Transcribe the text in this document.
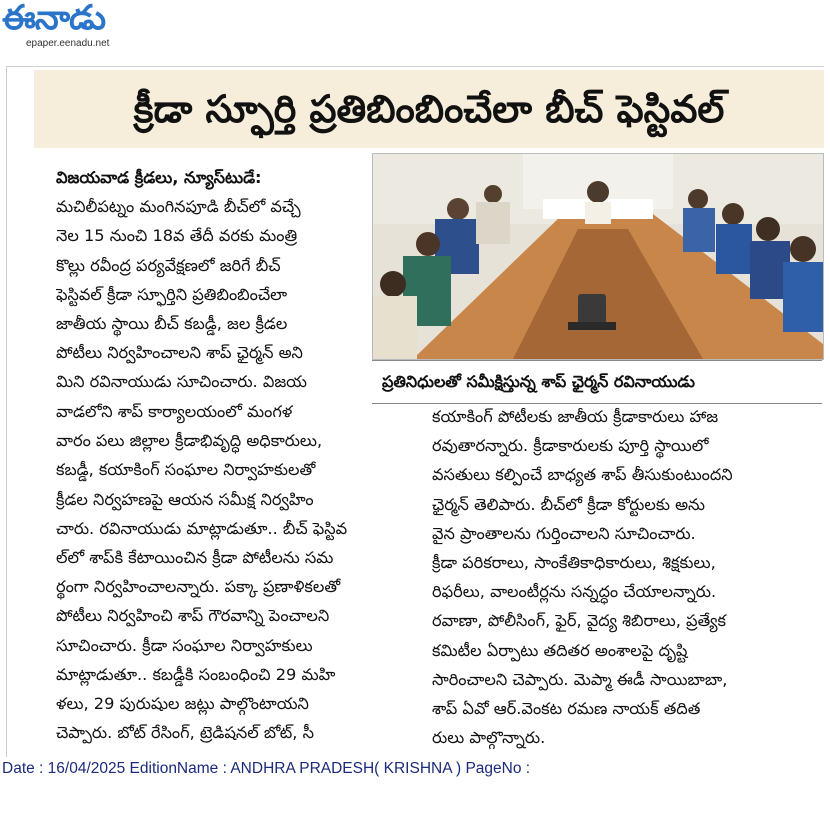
ఈనాడు
epaper.eenadu.net
క్రీడా స్ఫూర్తి ప్రతిబింబించేలా బీచ్ ఫెస్టివల్
ప్రతినిధులతో సమీక్షిస్తున్న శాప్ ఛైర్మన్ రవినాయుడు
విజయవాడ క్రీడలు, న్యూస్‌టుడే:
మచిలీపట్నం మంగినపూడి బీచ్‌లో వచ్చే
నెల 15 నుంచి 18వ తేదీ వరకు మంత్రి
కొల్లు రవీంద్ర పర్యవేక్షణలో జరిగే బీచ్
ఫెస్టివల్ క్రీడా స్ఫూర్తిని ప్రతిబింబించేలా
జాతీయ స్థాయి బీచ్ కబడ్డీ, జల క్రీడల
పోటీలు నిర్వహించాలని శాప్ ఛైర్మన్ అని
మిని రవినాయుడు సూచించారు. విజయ
వాడలోని శాప్ కార్యాలయంలో మంగళ
వారం పలు జిల్లాల క్రీడాభివృద్ధి అధికారులు,
కబడ్డీ, కయాకింగ్ సంఘాల నిర్వాహకులతో
క్రీడల నిర్వహణపై ఆయన సమీక్ష నిర్వహిం
చారు. రవినాయుడు మాట్లాడుతూ.. బీచ్ ఫెస్టివ
ల్‌లో శాప్‌కి కేటాయించిన క్రీడా పోటీలను సమ
ర్థంగా నిర్వహించాలన్నారు. పక్కా ప్రణాళికలతో
పోటీలు నిర్వహించి శాప్ గౌరవాన్ని పెంచాలని
సూచించారు. క్రీడా సంఘాల నిర్వాహకులు
మాట్లాడుతూ.. కబడ్డీకి సంబంధించి 29 మహి
ళలు, 29 పురుషుల జట్లు పాల్గొంటాయని
చెప్పారు. బోట్ రేసింగ్, ట్రెడిషనల్ బోట్, సీ
కయాకింగ్ పోటీలకు జాతీయ క్రీడాకారులు హాజ
రవుతారన్నారు. క్రీడాకారులకు పూర్తి స్థాయిలో
వసతులు కల్పించే బాధ్యత శాప్ తీసుకుంటుందని
ఛైర్మన్ తెలిపారు. బీచ్‌లో క్రీడా కోర్టులకు అను
వైన ప్రాంతాలను గుర్తించాలని సూచించారు.
క్రీడా పరికరాలు, సాంకేతికాధికారులు, శిక్షకులు,
రిఫరీలు, వాలంటీర్లను సన్నద్ధం చేయాలన్నారు.
రవాణా, పోలీసింగ్, ఫైర్, వైద్య శిబిరాలు, ప్రత్యేక
కమిటీల ఏర్పాటు తదితర అంశాలపై దృష్టి
సారించాలని చెప్పారు. మెప్మా ఈడీ సాయిబాబా,
శాప్ ఏవో ఆర్.వెంకట రమణ నాయక్ తదిత
రులు పాల్గొన్నారు.
Date : 16/04/2025 EditionName : ANDHRA PRADESH( KRISHNA ) PageNo :
